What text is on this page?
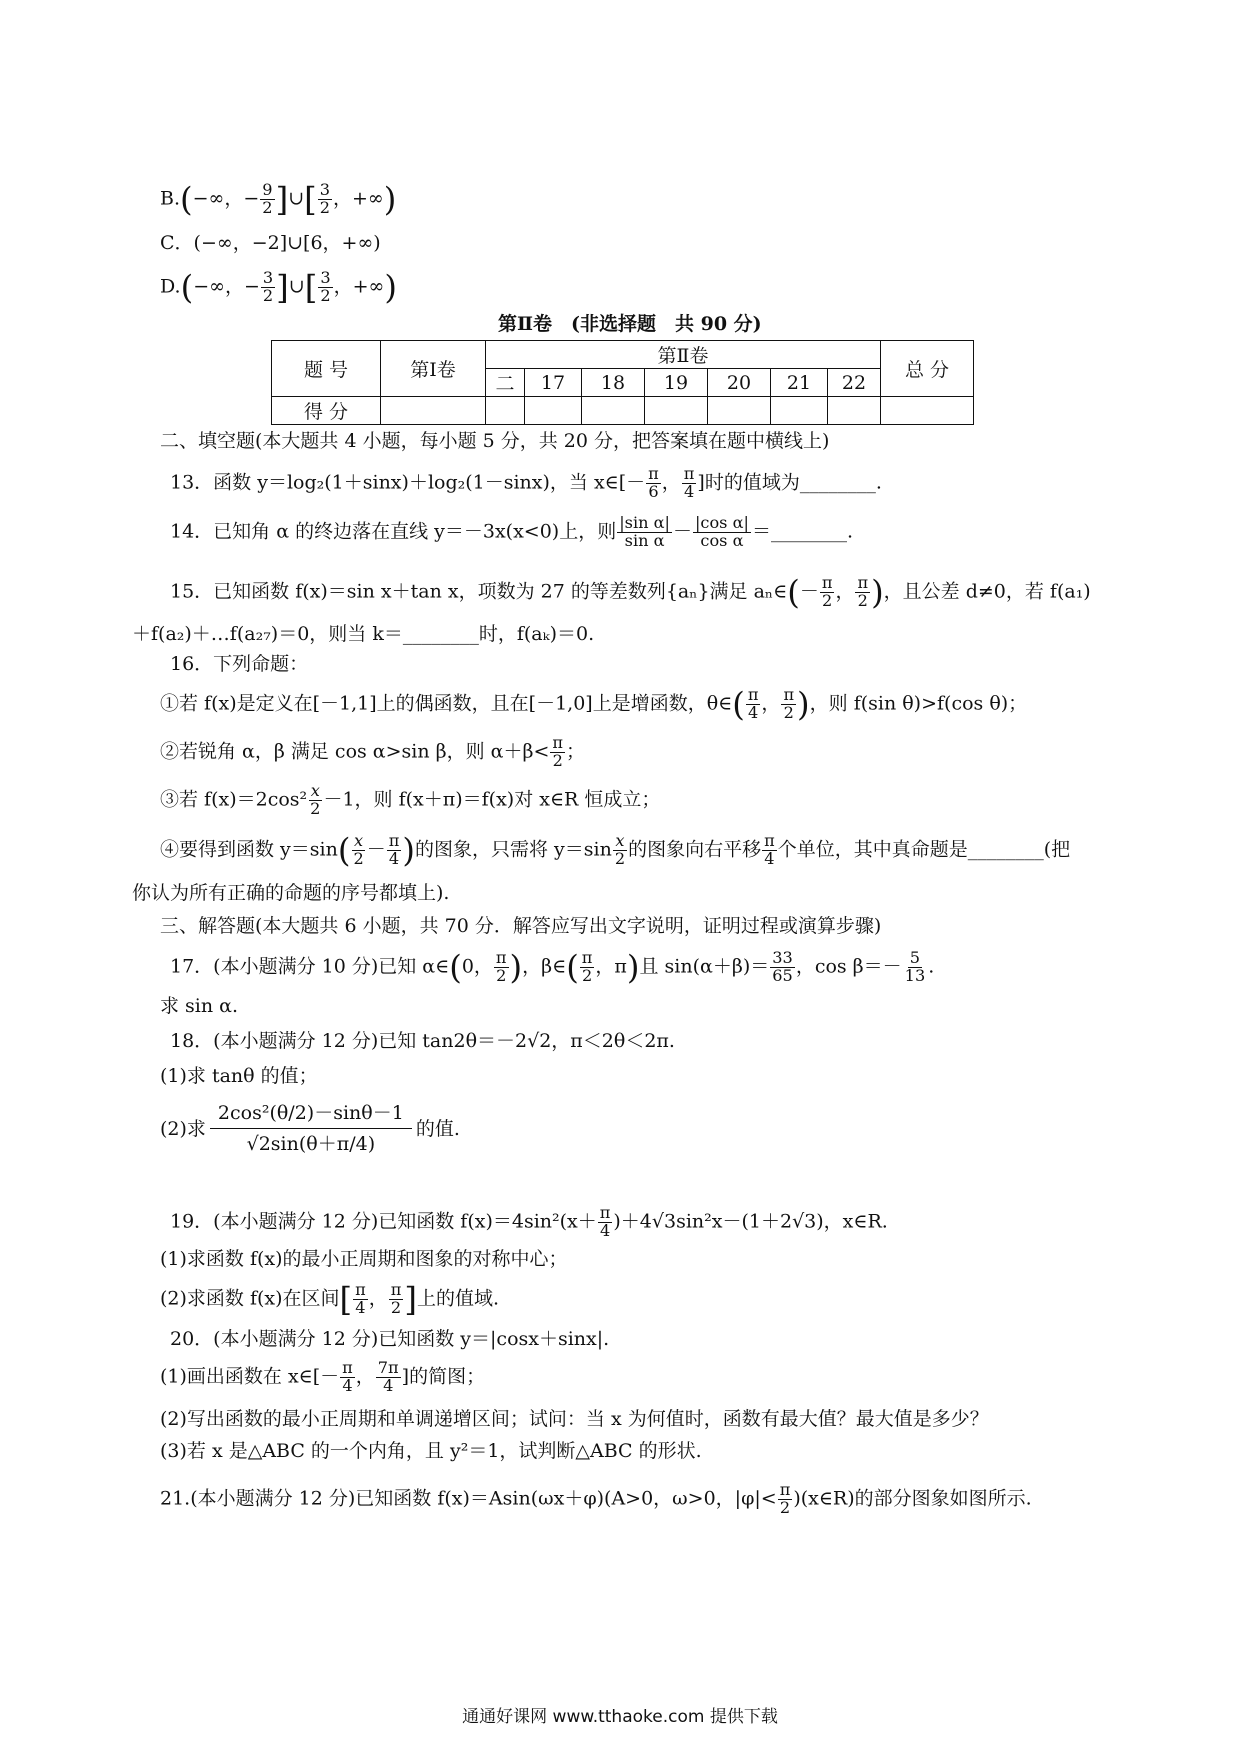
B.(−∞，− $\frac{9}{2}$ ]∪[ $\frac{3}{2}$ ，+∞)
C．(−∞，−2]∪[6，+∞)
D.(−∞，− $\frac{3}{2}$ ]∪[ $\frac{3}{2}$ ，+∞)
第Ⅱ卷　(非选择题　共 90 分)
题 号	第Ⅰ卷	第Ⅱ卷							总 分
		二	17	18	19	20	21	22	
得 分									
二、填空题(本大题共 4 小题，每小题 5 分，共 20 分，把答案填在题中横线上)
13．函数 y＝log₂(1＋sinx)＋log₂(1－sinx)，当 x∈[－ $\frac{\pi}{6}$ ， $\frac{\pi}{4}$ ]时的值域为________.
14．已知角 α 的终边落在直线 y＝－3x(x<0)上，则 $\frac{\text{|sin α|}}{\text{sin α}} - \frac{\text{|cos α|}}{\text{cos α}}$ ＝________.
15．已知函数 f(x)＝sin x＋tan x，项数为 27 的等差数列{aₙ}满足 aₙ∈(－ $\frac{\pi}{2}$ ， $\frac{\pi}{2}$ )，且公差 d≠0，若 f(a₁)
＋f(a₂)＋…f(a₂₇)＝0，则当 k＝________时，f(aₖ)＝0.
16．下列命题：
①若 f(x)是定义在[－1,1]上的偶函数，且在[－1,0]上是增函数，θ∈( $\frac{\pi}{4}$ ， $\frac{\pi}{2}$ )，则 f(sin θ)>f(cos θ)；
②若锐角 α，β 满足 cos α>sin β，则 $\alpha+\beta< \frac{\pi}{2}$ ；
③若 $f(x)=2\cos^2 \frac{x}{2} -1$，则 f(x＋π)＝f(x)对 x∈R 恒成立；
④要得到函数 $y=\sin( \frac{x}{2} - \frac{\pi}{4}$ )的图象，只需将 $y=\sin \frac{x}{2}$ 的图象向右平移 $\frac{\pi}{4}$ 个单位，其中真命题是________(把
你认为所有正确的命题的序号都填上).
三、解答题(本大题共 6 小题，共 70 分．解答应写出文字说明，证明过程或演算步骤)
17．(本小题满分 10 分)已知 α∈(0， $\frac{\pi}{2}$ )，β∈( $\frac{\pi}{2}$ ，π)且 $\sin(\alpha+\beta)= \frac{33}{65}$ ，$\cos \beta=- \frac{5}{13}$ .
求 sin α.
18．(本小题满分 12 分)已知 tan2θ＝－2√2，π＜2θ＜2π.
(1)求 tanθ 的值；
(2)求
2cos²(θ/2)－sinθ－1
√2sin(θ＋π/4)
的值.
19．(本小题满分 12 分)已知函数 $f(x)=4\sin^2(x+ \frac{\pi}{4} )+4√3\sin^2x-(1+2√3)$，x∈R.
(1)求函数 f(x)的最小正周期和图象的对称中心；
(2)求函数 f(x)在区间[ $\frac{\pi}{4}$ ， $\frac{\pi}{2}$ ]上的值域.
20．(本小题满分 12 分)已知函数 y＝|cosx＋sinx|.
(1)画出函数在 x∈[－ $\frac{\pi}{4}$ ， $\frac{7\pi}{4}$ ]的简图；
(2)写出函数的最小正周期和单调递增区间；试问：当 x 为何值时，函数有最大值？最大值是多少？
(3)若 x 是△ABC 的一个内角，且 y²＝1，试判断△ABC 的形状.
21.(本小题满分 12 分)已知函数 f(x)＝Asin(ωx＋φ)(A>0，ω>0，$|\varphi|< \frac{\pi}{2}$ )(x∈R)的部分图象如图所示.
通通好课网 www.tthaoke.com 提供下载
